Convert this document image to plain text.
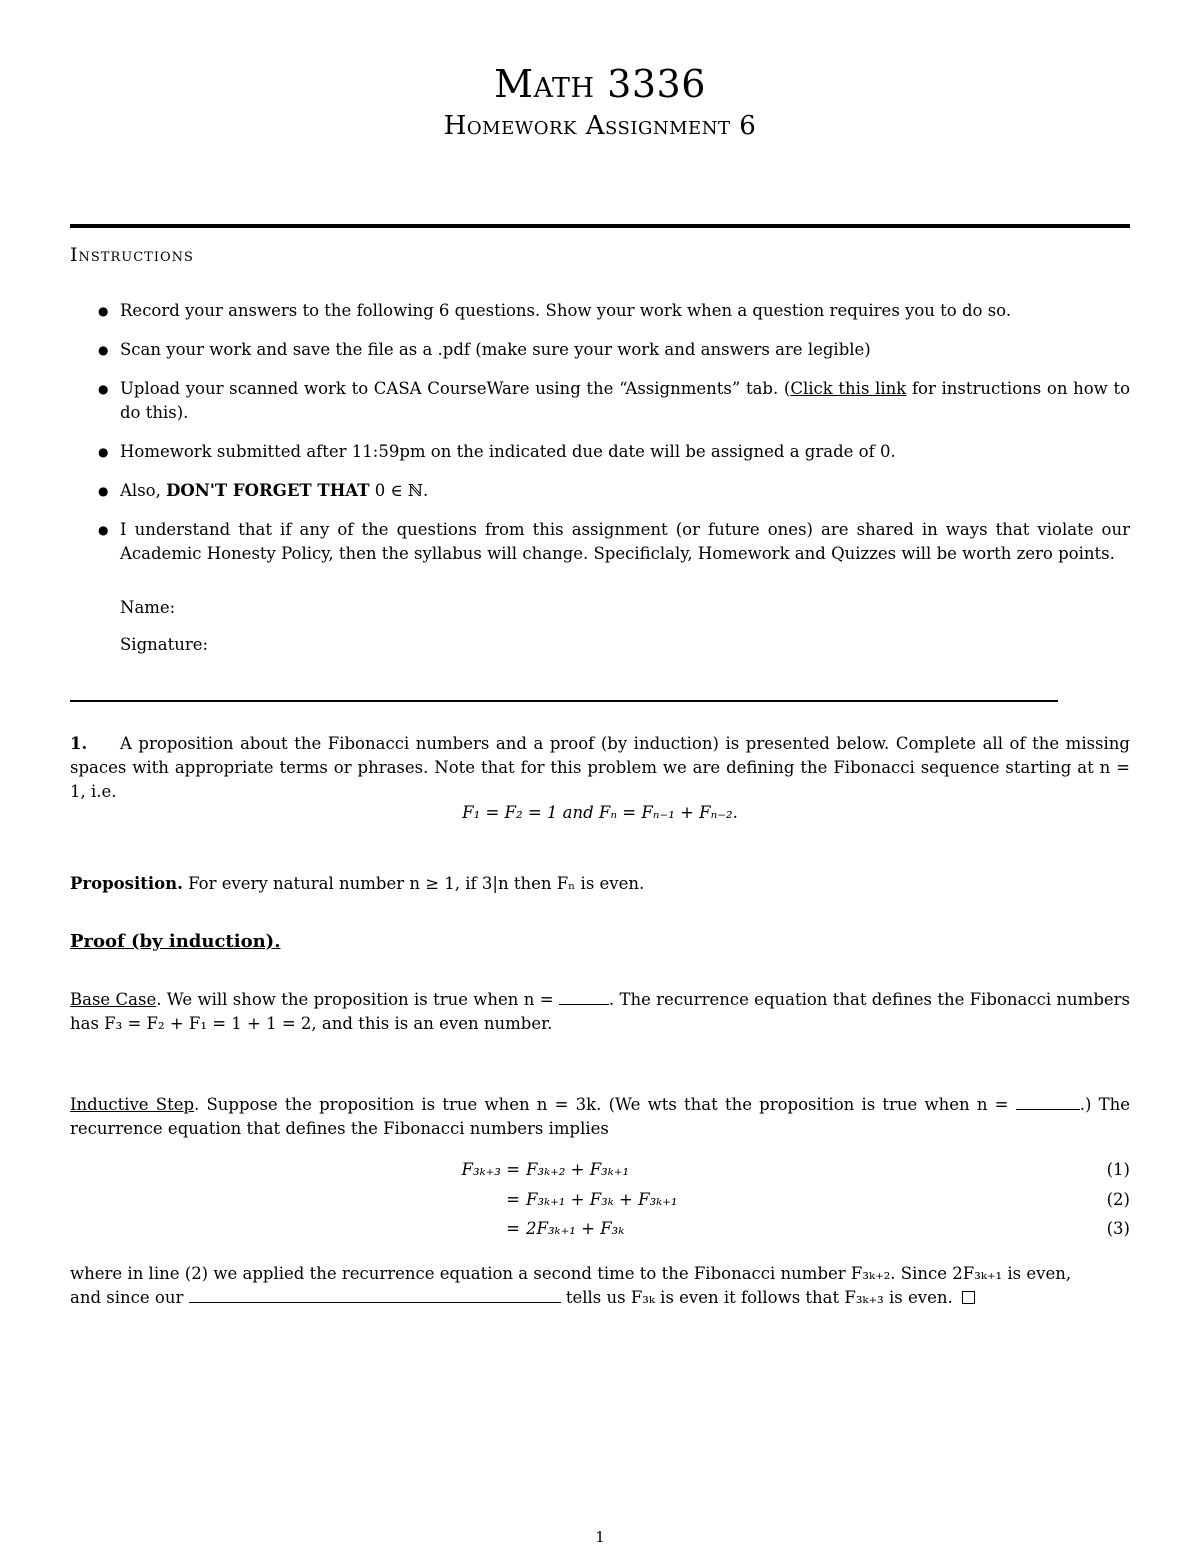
Math 3336
Homework Assignment 6
Instructions
● Record your answers to the following 6 questions. Show your work when a question requires you to do so.
● Scan your work and save the file as a .pdf (make sure your work and answers are legible)
● Upload your scanned work to CASA CourseWare using the “Assignments” tab. (Click this link for instructions on how to do this).
● Homework submitted after 11:59pm on the indicated due date will be assigned a grade of 0.
● Also, DON'T FORGET THAT 0 ∈ ℕ.
● I understand that if any of the questions from this assignment (or future ones) are shared in ways that violate our Academic Honesty Policy, then the syllabus will change. Specificlaly, Homework and Quizzes will be worth zero points.
Name:
Signature:
1. A proposition about the Fibonacci numbers and a proof (by induction) is presented below. Complete all of the missing spaces with appropriate terms or phrases. Note that for this problem we are defining the Fibonacci sequence starting at n = 1, i.e.
F₁ = F₂ = 1 and Fₙ = Fₙ₋₁ + Fₙ₋₂.
Proposition. For every natural number n ≥ 1, if 3|n then Fₙ is even.
Proof (by induction).
Base Case. We will show the proposition is true when n =	. The recurrence equation that defines the Fibonacci numbers has F₃ = F₂ + F₁ = 1 + 1 = 2, and this is an even number.
Inductive Step. Suppose the proposition is true when n = 3k. (We wts that the proposition is true when n =	.) The recurrence equation that defines the Fibonacci numbers implies
F₃ₖ₊₃ = F₃ₖ₊₂ + F₃ₖ₊₁	(1)
= F₃ₖ₊₁ + F₃ₖ + F₃ₖ₊₁	(2)
= 2F₃ₖ₊₁ + F₃ₖ	(3)
where in line (2) we applied the recurrence equation a second time to the Fibonacci number F₃ₖ₊₂. Since 2F₃ₖ₊₁ is even,
and since our	tells us F₃ₖ is even it follows that F₃ₖ₊₃ is even.
1
